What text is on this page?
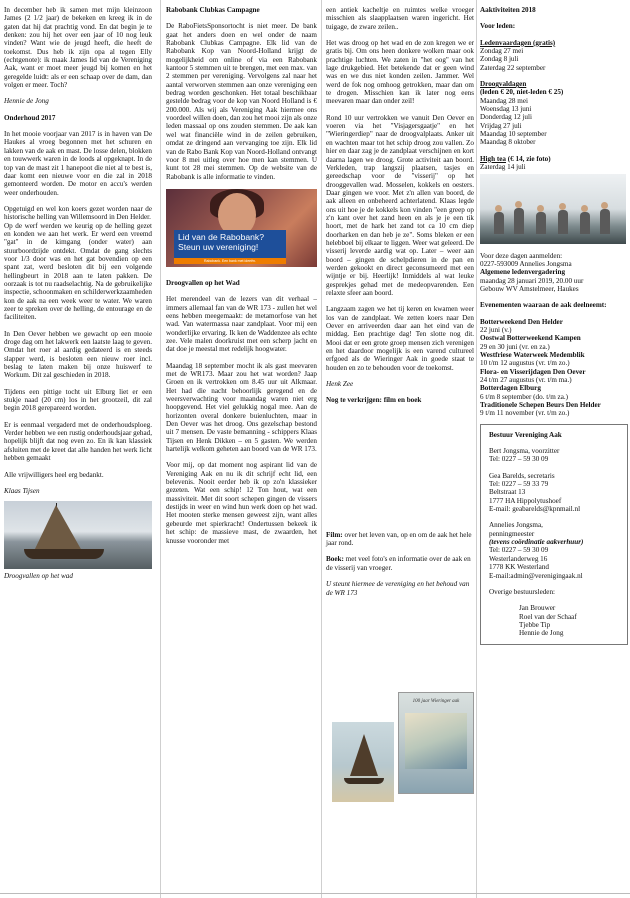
In december heb ik samen met mijn kleinzoon James (2 1/2 jaar) de bekeken en kreeg ik in de gaten dat hij dat prachtig vond. En dat begin je te denken: zou hij het over een jaar of 10 nog leuk vinden? Want wie de jeugd heeft, die heeft de toekomst. Dus heb ik zijn opa al tegen Elly (echtgenote): ik maak James lid van de Vereniging Aak, want er moet meer jeugd bij komen en het geregelde luidt: als er een schaap over de dam, dan volgen er meer. Toch?

Hennie de Jong

Onderhoud 2017

In het mooie voorjaar van 2017 is in haven van De Haukes al vroeg begonnen met het schuren en lakken van de aak en mast. De losse delen, blokken en touwwerk waren in de loods al opgeknapt. In de top van de mast zit 1 hanepoot die niet al te best is, daar komt een nieuwe voor en die zal in 2018 gemonteerd worden. De motor en accu's werden weer onderhouden.

Opgetuigd en wel kon koers gezet worden naar de historische helling van Willemsoord in Den Helder.

Op de werf werden we keurig op de helling gezet en konden we aan het werk. Er werd een vreemd "gat" in de kimgang (onder water) aan stuurboordzijde ontdekt. Omdat de gang slechts voor 1/3 door was en het gat bovendien op een spant zat, werd besloten dit bij een volgende hellingbeurt in 2018 aan te laten pakken. De oorzaak is tot nu raadselachtig. Na de gebruikelijke inspectie, schoonmaken en schilderwerkzaamheden kon de aak na een week weer te water. We waren zeer te spreken over de helling, de entourage en de faciliteiten.

In Den Oever hebben we gewacht op een mooie droge dag om het lakwerk een laatste laag te geven. Omdat het roer al aardig gedateerd is en steeds slapper werd, is besloten een nieuw roer incl. beslag te laten maken bij onze huiswerf te Workum. Dit zal geschieden in 2018.

Tijdens een pittige tocht uit Elburg liet er een stukje naad (20 cm) los in het grootzeil, dit zal begin 2018 gerepareerd worden.

Er is eenmaal vergaderd met de onderhoudsploeg. Verder hebben we een rustig onderhoudsjaar gehad, hopelijk blijft dat nog even zo. En ik kan klassiek afsluiten met de kreet dat alle handen het werk licht hebben gemaakt

Alle vrijwilligers heel erg bedankt.

Klaas Tijsen

Droogvallen op het wad
Rabobank Clubkas Campagne

De RaboFietsSponsortocht is niet meer. De bank gaat het anders doen en wel onder de naam Rabobank Clubkas Campagne. Elk lid van de Rabobank Kop van Noord-Holland krijgt de mogelijkheid om online of via een Rabobank kantoor 5 stemmen uit te brengen, met een max. van 2 stemmen per vereniging. Vervolgens zal naar het aantal verworven stemmen aan onze vereniging een bedrag worden geschonken. Het totaal beschikbaar gestelde bedrag voor de kop van Noord Holland is € 200.000. Als wij als Vereniging Aak hiermee ons voordeel willen doen, dan zou het mooi zijn als onze leden massaal op ons zouden stemmen. De aak kan wel wat financiële wind in de zeilen gebruiken, omdat ze dringend aan vervanging toe zijn. Elk lid van de Rabo Bank Kop van Noord-Holland ontvangt voor 8 mei uitleg over hoe men kan stemmen. U kunt tot 28 mei stemmen. Op de website van de Rabobank is alle informatie te vinden.

Lid van de Rabobank?
Steun uw vereniging!
Rabobank. Een bank met ideeën.
Droogvallen op het Wad

Het merendeel van de lezers van dit verhaal – immers allemaal fan van de WR 173 - zullen het wel eens hebben meegemaakt: de metamorfose van het wad. Van watermassa naar zandplaat. Voor mij een wonderlijke ervaring. Ik ken de Waddenzee als echte zee. Vele malen doorkruist met een scherp jacht en dat doe je meestal met redelijk hoogwater.

Maandag 18 september mocht ik als gast meevaren met de WR173. Maar zou het wat worden? Jaap Groen en ik vertrokken om 8.45 uur uit Alkmaar. Het had die nacht behoorlijk geregend en de weersverwachting voor maandag waren niet erg hoopgevend. Het viel gelukkig nogal mee. Aan de horizonten overal donkere buienluchten, maar in Den Oever was het droog. Ons gezelschap bestond uit 7 mensen. De vaste bemanning - schippers Klaas Tijsen en Henk Dikken – en 5 gasten. We werden hartelijk welkom geheten aan boord van de WR 173.

Voor mij, op dat moment nog aspirant lid van de Vereniging Aak en nu ik dit schrijf echt lid, een belevenis. Nooit eerder heb ik op zo'n klassieker gezeten. Wat een schip! 12 Ton hout, wat een massiviteit. Met dit soort schepen gingen de vissers destijds in weer en wind hun werk doen op het wad. Het mooten sterke mensen geweest zijn, want alles gebeurde met spierkracht! Ondertussen bekeek ik het schip: de massieve mast, de zwaarden, het knusse vooronder met

een antiek kacheltje en ruimtes welke vroeger misschien als slaapplaatsen waren ingericht. Het tuigage, de zware zeilen..

Het was droog op het wad en de zon kregen we er gratis bij. Om ons heen donkere wolken maar ook prachtige luchten. We zaten in "het oog" van het lage drukgebied. Het betekende dat er geen wind was en we dus niet konden zeilen. Jammer. Wel werd de fok nog omhoog getrokken, maar dan om te drogen. Misschien kan ik later nog eens meevaren maar dan onder zeil!

Rond 10 uur vertrokken we vanuit Den Oever en voeren via het "Visjagersgaatje" en het "Wieringerdiep" naar de droogvalplaats. Anker uit en wachten maar tot het schip droog zou vallen. Zo hier en daar zag je de zandplaat verschijnen en kort daarna lagen we droog. Grote activiteit aan boord. Verkleden, trap langszij plaatsen, tasjes en gereedschap voor de "visserij" op het drooggevallen wad. Mosselen, kokkels en oesters. Daar gingen we voor. Met z'n allen van boord, de aak alleen en onbeheerd achterlatend. Klaas legde ons uit hoe je de kokkels kon vinden "een greep op z'n kant over het zand heen en als je je een tik hoort, met de hark het zand tot ca 10 cm diep doorharken en dan heb je ze". Soms bleken er een helebboel bij elkaar te liggen. Weer wat geleerd. De visserij leverde aardig wat op. Later – weer aan boord – gingen de schelpdieren in de pan en werden gekookt en direct geconsumeerd met een wijntje er bij. Heerlijk! Inmiddels al wat leuke gesprekjes gehad met de medeopvarenden. Een relaxte sfeer aan boord.

Langzaam zagen we het tij keren en kwamen weer los van de zandplaat. We zetten koers naar Den Oever en arriveerden daar aan het eind van de middag. Een prachtige dag! Ten slotte nog dit. Mooi dat er een grote groep mensen zich verenigen en het daardoor mogelijk is een varend cultureel erfgoed als de Wieringer Aak in goede staat te houden en zo te behouden voor de toekomst.

Henk Zee

Nog te verkrijgen: film en boek

Film: over het leven van, op en om de aak het hele jaar rond.

Boek: met veel foto's en informatie over de aak en de visserij van vroeger.

U steunt hiermee de vereniging en het behoud van de WR 173

100 jaar Wieringer aak
Aaktiviteiten 2018
Voor leden:
Ledenvaardagen (gratis)
Zondag 27 mei
Zondag 8 juli
Zaterdag 22 september
Droogvaldagen
(leden € 20, niet-leden € 25)
Maandag 28 mei
Woensdag 13 juni
Donderdag 12 juli
Vrijdag 27 juli
Maandag 10 september
Maandag 8 oktober
High tea (€ 14, zie foto)
Zaterdag 14 juli
Voor deze dagen aanmelden:
0227-593009 Annelies Jongsma
Algemene ledenvergadering
maandag 28 januari 2019, 20.00 uur
Gebouw WV Amstelmeer, Haukes
Evenementen waaraan de aak deelneemt:
Botterweekend Den Helder
22 juni (v.)
Oostwal Botterweekend Kampen
29 en 30 juni (vr. en za.)
Westfriese Waterweek Medemblik
10 t/m 12 augustus (vr. t/m zo.)
Flora- en Visserijdagen Den Oever
24 t/m 27 augustus (vr. t/m ma.)
Botterdagen Elburg
6 t/m 8 september (do. t/m za.)
Traditionele Schepen Beurs Den Helder
9 t/m 11 november (vr. t/m zo.)
Bestuur Vereniging Aak
Bert Jongsma, voorzitter
Tel: 0227 – 59 30 09
Gea Barelds, secretaris
Tel: 0227 – 59 33 79
Beltstraat 13
1777 HA Hippolytushoef
E-mail: geabarelds@kpnmail.nl
Annelies Jongsma,
penningmeester
(tevens coördinatie aakverhuur)
Tel: 0227 – 59 30 09
Westerlanderweg 16
1778 KK Westerland
E-mail:admin@verenigingaak.nl
Overige bestuursleden:
Jan Brouwer
Roel van der Schaaf
Tjebbe Tip
Hennie de Jong
